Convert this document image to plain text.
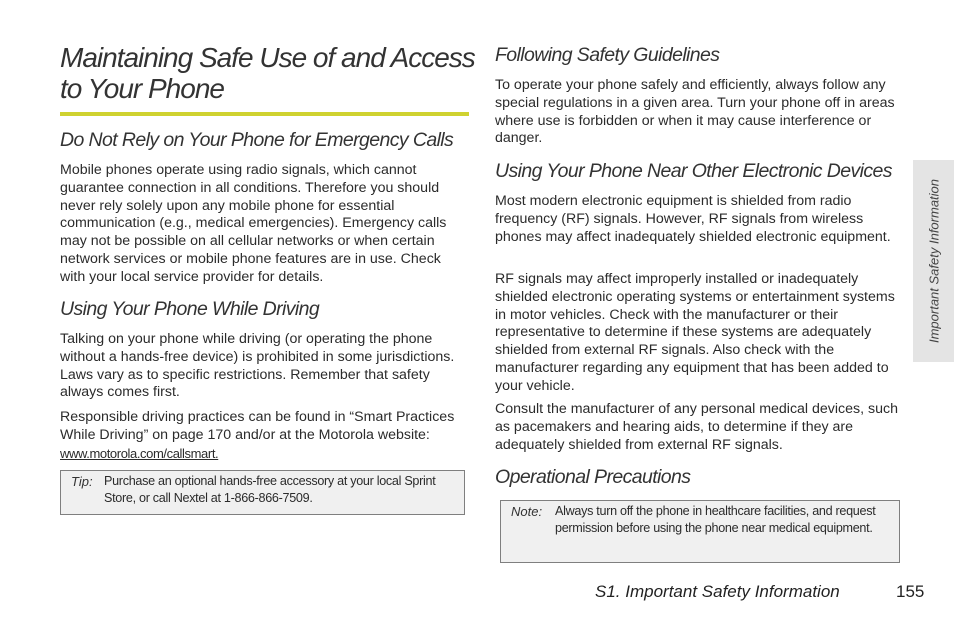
Maintaining Safe Use of and Access
to Your Phone
Do Not Rely on Your Phone for Emergency Calls

Mobile phones operate using radio signals, which cannot guarantee connection in all conditions. Therefore you should never rely solely upon any mobile phone for essential communication (e.g., medical emergencies). Emergency calls may not be possible on all cellular networks or when certain network services or mobile phone features are in use. Check with your local service provider for details.

Using Your Phone While Driving

Talking on your phone while driving (or operating the phone without a hands-free device) is prohibited in some jurisdictions. Laws vary as to specific restrictions. Remember that safety always comes first.

Responsible driving practices can be found in “Smart Practices While Driving” on page 170 and/or at the Motorola website:
www.motorola.com/callsmart.

Tip: Purchase an optional hands-free accessory at your local Sprint Store, or call Nextel at 1-866-866-7509.
Following Safety Guidelines

To operate your phone safely and efficiently, always follow any special regulations in a given area. Turn your phone off in areas where use is forbidden or when it may cause interference or danger.

Using Your Phone Near Other Electronic Devices

Most modern electronic equipment is shielded from radio frequency (RF) signals. However, RF signals from wireless phones may affect inadequately shielded electronic equipment.

RF signals may affect improperly installed or inadequately shielded electronic operating systems or entertainment systems in motor vehicles. Check with the manufacturer or their representative to determine if these systems are adequately shielded from external RF signals. Also check with the manufacturer regarding any equipment that has been added to your vehicle.

Consult the manufacturer of any personal medical devices, such as pacemakers and hearing aids, to determine if they are adequately shielded from external RF signals.

Operational Precautions
Note: Always turn off the phone in healthcare facilities, and request permission before using the phone near medical equipment.
Important Safety Information
S1. Important Safety Information	155
